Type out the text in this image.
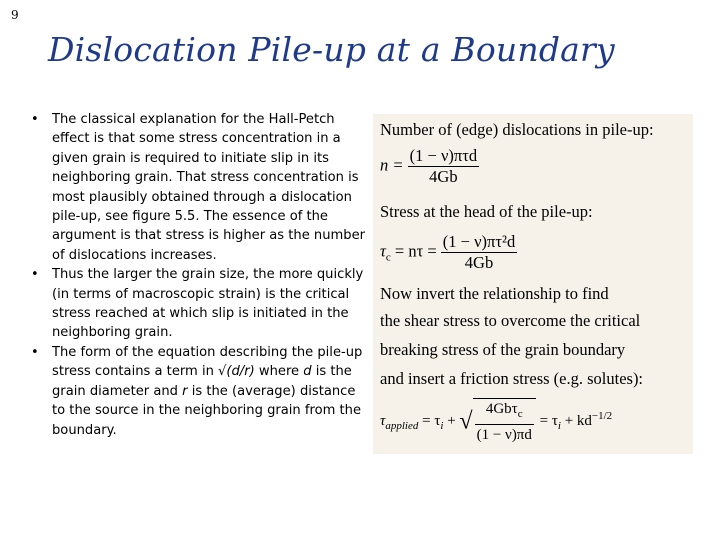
9
Dislocation Pile-up at a Boundary
• The classical explanation for the Hall-Petch effect is that some stress concentration in a given grain is required to initiate slip in its neighboring grain. That stress concentration is most plausibly obtained through a dislocation pile-up, see figure 5.5. The essence of the argument is that stress is higher as the number of dislocations increases.
• Thus the larger the grain size, the more quickly (in terms of macroscopic strain) is the critical stress reached at which slip is initiated in the neighboring grain.
• The form of the equation describing the pile-up stress contains a term in √(d/r) where d is the grain diameter and r is the (average) distance to the source in the neighboring grain from the boundary.
Number of (edge) dislocations in pile-up:
$n = \frac{\text{(1 − ν)πτd}}{4Gb}$
Stress at the head of the pile-up:
$\tau_c = n\tau = \frac{\text{(1 − ν)πτ²d}}{4Gb}$
Now invert the relationship to find
the shear stress to overcome the critical
breaking stress of the grain boundary
and insert a friction stress (e.g. solutes):
$\tau_{applied} = \tau_i$ + √ $\frac{4Gb\tau_c}{(1 - \nu)\pi d} = \tau_i + kd^{-1/2}$
